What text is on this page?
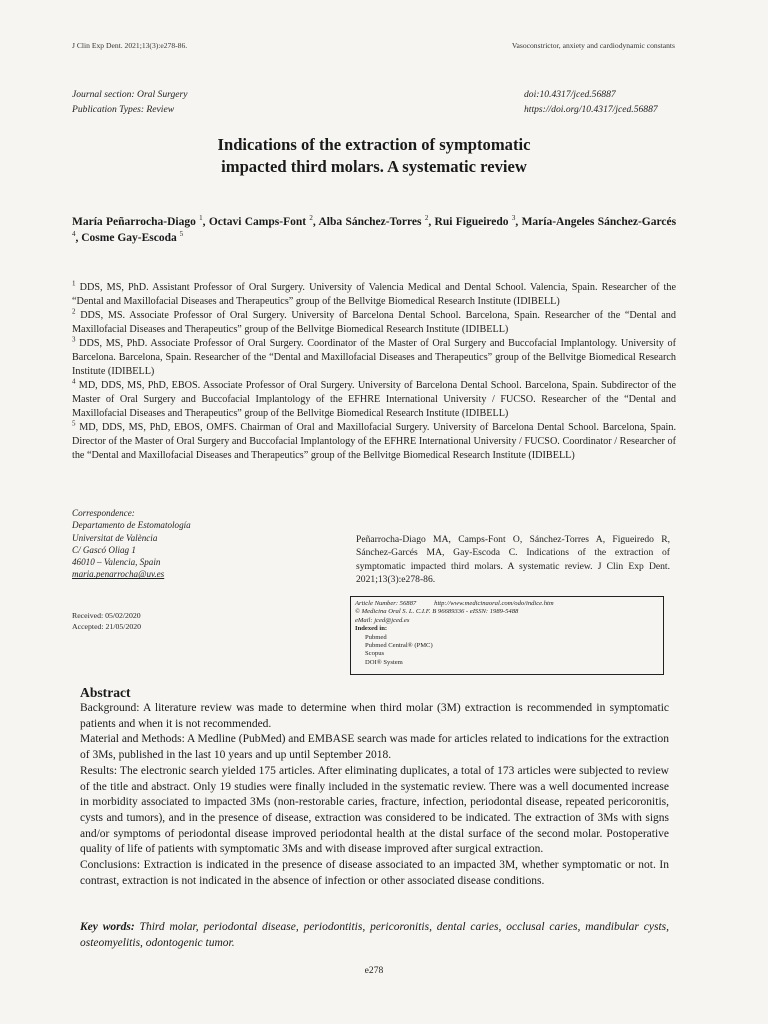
J Clin Exp Dent. 2021;13(3):e278-86.	Vasoconstrictor, anxiety and cardiodynamic constants
Journal section: Oral Surgery
Publication Types: Review
doi:10.4317/jced.56887
https://doi.org/10.4317/jced.56887
Indications of the extraction of symptomatic
impacted third molars. A systematic review
María Peñarrocha-Diago $^1$, Octavi Camps-Font $^2$, Alba Sánchez-Torres $^2$, Rui Figueiredo $^3$, María-Angeles Sánchez-Garcés $^4$, Cosme Gay-Escoda $^5$

$^1$ DDS, MS, PhD. Assistant Professor of Oral Surgery. University of Valencia Medical and Dental School. Valencia, Spain. Researcher of the “Dental and Maxillofacial Diseases and Therapeutics” group of the Bellvitge Biomedical Research Institute (IDIBELL)

$^2$ DDS, MS. Associate Professor of Oral Surgery. University of Barcelona Dental School. Barcelona, Spain. Researcher of the “Dental and Maxillofacial Diseases and Therapeutics” group of the Bellvitge Biomedical Research Institute (IDIBELL)

$^3$ DDS, MS, PhD. Associate Professor of Oral Surgery. Coordinator of the Master of Oral Surgery and Buccofacial Implantology. University of Barcelona. Barcelona, Spain. Researcher of the “Dental and Maxillofacial Diseases and Therapeutics” group of the Bellvitge Biomedical Research Institute (IDIBELL)

$^4$ MD, DDS, MS, PhD, EBOS. Associate Professor of Oral Surgery. University of Barcelona Dental School. Barcelona, Spain. Subdirector of the Master of Oral Surgery and Buccofacial Implantology of the EFHRE International University / FUCSO. Researcher of the “Dental and Maxillofacial Diseases and Therapeutics” group of the Bellvitge Biomedical Research Institute (IDIBELL)

$^5$ MD, DDS, MS, PhD, EBOS, OMFS. Chairman of Oral and Maxillofacial Surgery. University of Barcelona Dental School. Barcelona, Spain. Director of the Master of Oral Surgery and Buccofacial Implantology of the EFHRE International University / FUCSO. Coordinator / Researcher of the “Dental and Maxillofacial Diseases and Therapeutics” group of the Bellvitge Biomedical Research Institute (IDIBELL)

Correspondence:
Departamento de Estomatología
Universitat de València
C/ Gascó Oliag 1
46010 – Valencia, Spain
maria.penarrocha@uv.es
Received: 05/02/2020
Accepted: 21/05/2020
Peñarrocha-Diago MA, Camps-Font O, Sánchez-Torres A, Figueiredo R, Sánchez-Garcés MA, Gay-Escoda C. Indications of the extraction of symptomatic impacted third molars. A systematic review. J Clin Exp Dent. 2021;13(3):e278-86.
Article Number: 56887	http://www.medicinaoral.com/odo/indice.htm
© Medicina Oral S. L. C.I.F. B 96689336 - eISSN: 1989-5488
eMail: jced@jced.es
Indexed in:
Pubmed
Pubmed Central® (PMC)
Scopus
DOI® System
Abstract

Background: A literature review was made to determine when third molar (3M) extraction is recommended in symptomatic patients and when it is not recommended.

Material and Methods: A Medline (PubMed) and EMBASE search was made for articles related to indications for the extraction of 3Ms, published in the last 10 years and up until September 2018.

Results: The electronic search yielded 175 articles. After eliminating duplicates, a total of 173 articles were subjected to review of the title and abstract. Only 19 studies were finally included in the systematic review. There was a well documented increase in morbidity associated to impacted 3Ms (non-restorable caries, fracture, infection, periodontal disease, repeated pericoronitis, cysts and tumors), and in the presence of disease, extraction was considered to be indicated. The extraction of 3Ms with signs and/or symptoms of periodontal disease improved periodontal health at the distal surface of the second molar. Postoperative quality of life of patients with symptomatic 3Ms and with disease improved after surgical extraction.

Conclusions: Extraction is indicated in the presence of disease associated to an impacted 3M, whether symptomatic or not. In contrast, extraction is not indicated in the absence of infection or other associated disease conditions.

Key words: Third molar, periodontal disease, periodontitis, pericoronitis, dental caries, occlusal caries, mandibular cysts, osteomyelitis, odontogenic tumor.
e278
